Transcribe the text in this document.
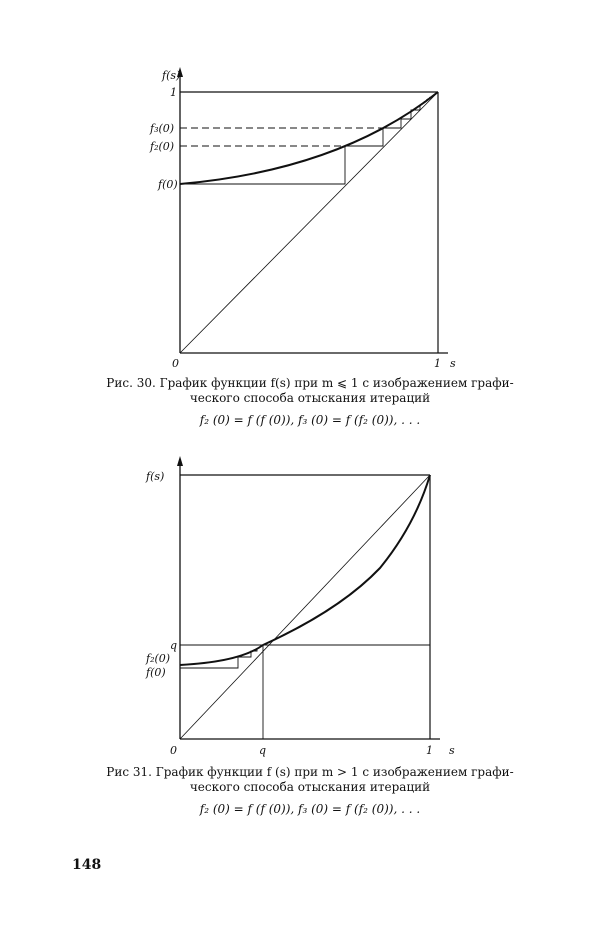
f(s)
1
f₃(0)
f₂(0)
f(0)
0	1 s
Рис. 30. График функции f(s) при m ⩽ 1 с изображением графи-
ческого способа отыскания итераций
f₂ (0) = f (f (0)), f₃ (0) = f (f₂ (0)), . . .
f(s)
q
f₂(0)
f(0)
0	q	1 s
Рис 31. График функции f (s) при m > 1 с изображением графи-
ческого способа отыскания итераций
f₂ (0) = f (f (0)), f₃ (0) = f (f₂ (0)), . . .
148
